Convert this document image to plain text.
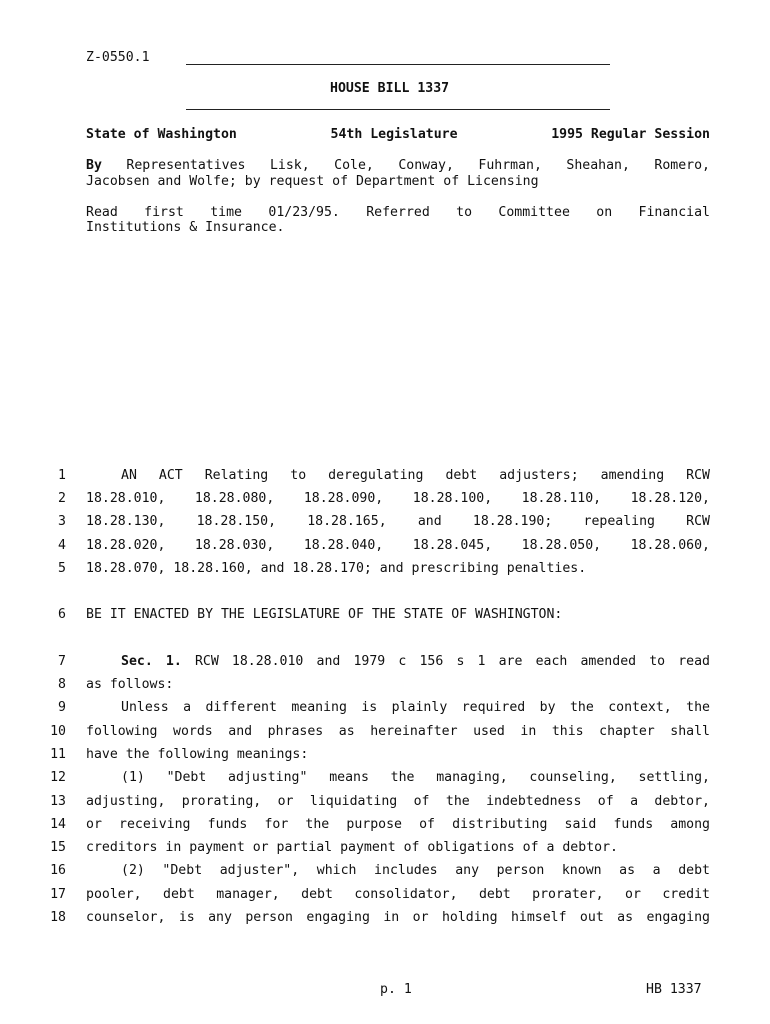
Z-0550.1
HOUSE BILL 1337
State of Washington	54th Legislature	1995 Regular Session
By Representatives Lisk, Cole, Conway, Fuhrman, Sheahan, Romero,
Jacobsen and Wolfe; by request of Department of Licensing
Read first time 01/23/95. Referred to Committee on Financial
Institutions & Insurance.
1	AN ACT Relating to deregulating debt adjusters; amending RCW
2 18.28.010, 18.28.080, 18.28.090, 18.28.100, 18.28.110, 18.28.120,
3 18.28.130, 18.28.150, 18.28.165, and 18.28.190; repealing RCW
4 18.28.020, 18.28.030, 18.28.040, 18.28.045, 18.28.050, 18.28.060,
5 18.28.070, 18.28.160, and 18.28.170; and prescribing penalties.
6 BE IT ENACTED BY THE LEGISLATURE OF THE STATE OF WASHINGTON:
7	Sec. 1. RCW 18.28.010 and 1979 c 156 s 1 are each amended to read
8 as follows:
9	Unless a different meaning is plainly required by the context, the
10 following words and phrases as hereinafter used in this chapter shall
11 have the following meanings:
12	(1) "Debt adjusting" means the managing, counseling, settling,
13 adjusting, prorating, or liquidating of the indebtedness of a debtor,
14 or receiving funds for the purpose of distributing said funds among
15 creditors in payment or partial payment of obligations of a debtor.
16	(2) "Debt adjuster", which includes any person known as a debt
17 pooler, debt manager, debt consolidator, debt prorater, or credit
18 counselor, is any person engaging in or holding himself out as engaging
p. 1	HB 1337
